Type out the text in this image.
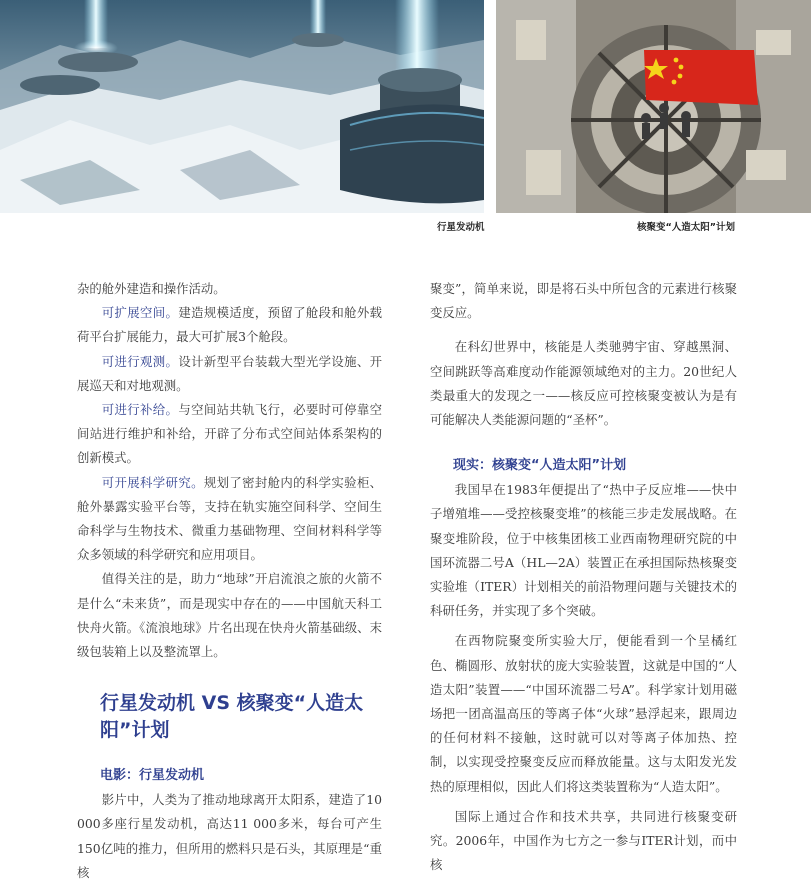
行星发动机	核聚变“人造太阳”计划

杂的舱外建造和操作活动。

可扩展空间。建造规模适度，预留了舱段和舱外载荷平台扩展能力，最大可扩展3个舱段。

可进行观测。设计新型平台装载大型光学设施、开展巡天和对地观测。

可进行补给。与空间站共轨飞行，必要时可停靠空间站进行维护和补给，开辟了分布式空间站体系架构的创新模式。

可开展科学研究。规划了密封舱内的科学实验柜、舱外暴露实验平台等，支持在轨实施空间科学、空间生命科学与生物技术、微重力基础物理、空间材料科学等众多领域的科学研究和应用项目。

值得关注的是，助力“地球”开启流浪之旅的火箭不是什么“未来货”，而是现实中存在的——中国航天科工快舟火箭。《流浪地球》片名出现在快舟火箭基础级、末级包装箱上以及整流罩上。

行星发动机 VS 核聚变“人造太阳”计划
电影：行星发动机

影片中，人类为了推动地球离开太阳系，建造了10 000多座行星发动机，高达11 000多米，每台可产生150亿吨的推力，但所用的燃料只是石头，其原理是“重核

聚变”，简单来说，即是将石头中所包含的元素进行核聚变反应。

在科幻世界中，核能是人类驰骋宇宙、穿越黑洞、空间跳跃等高难度动作能源领域绝对的主力。20世纪人类最重大的发现之一——核反应可控核聚变被认为是有可能解决人类能源问题的“圣杯”。

现实：核聚变“人造太阳”计划

我国早在1983年便提出了“热中子反应堆——快中子增殖堆——受控核聚变堆”的核能三步走发展战略。在聚变堆阶段，位于中核集团核工业西南物理研究院的中国环流器二号A（HL—2A）装置正在承担国际热核聚变实验堆（ITER）计划相关的前沿物理问题与关键技术的科研任务，并实现了多个突破。

在西物院聚变所实验大厅，便能看到一个呈橘红色、椭圆形、放射状的庞大实验装置，这就是中国的“人造太阳”装置——“中国环流器二号A”。科学家计划用磁场把一团高温高压的等离子体“火球”悬浮起来，跟周边的任何材料不接触，这时就可以对等离子体加热、控制，以实现受控聚变反应而释放能量。这与太阳发光发热的原理相似，因此人们将这类装置称为“人造太阳”。

国际上通过合作和技术共享，共同进行核聚变研究。2006年，中国作为七方之一参与ITER计划，而中核
